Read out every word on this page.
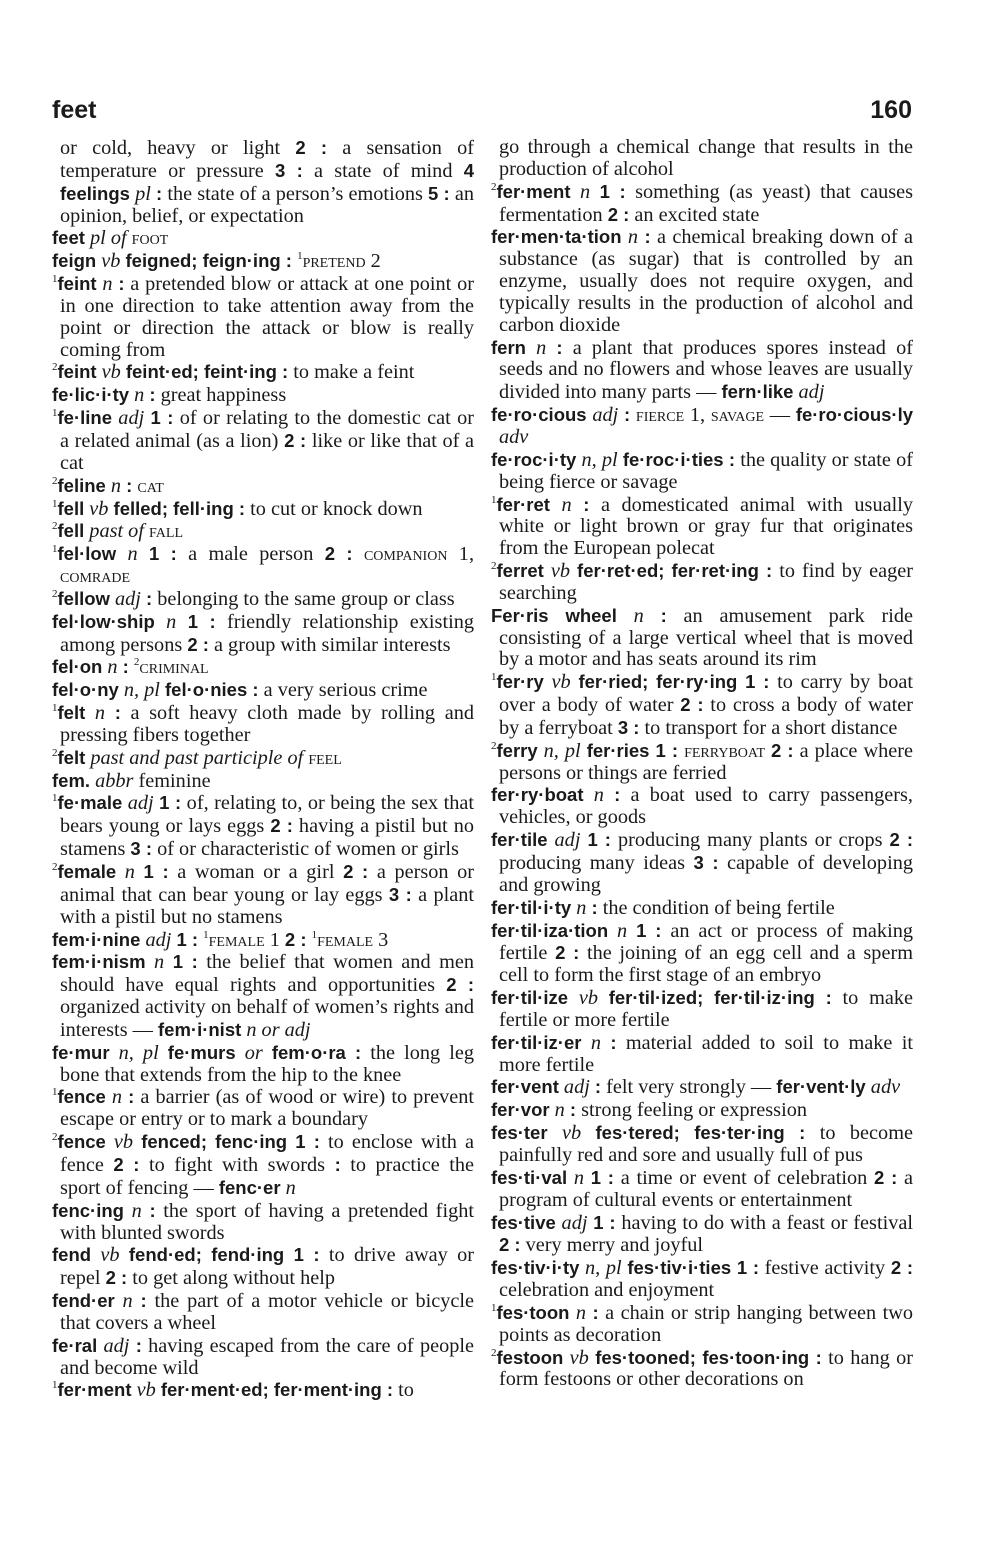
feet	160

or cold, heavy or light 2 : a sensation of temperature or pressure 3 : a state of mind 4 feelings pl : the state of a person’s emotions 5 : an opinion, belief, or expectation

feet pl of foot

feign vb feigned; feign·ing : $^1$pretend 2

$^1$feint n : a pretended blow or attack at one point or in one direction to take attention away from the point or direction the attack or blow is really coming from

$^2$feint vb feint·ed; feint·ing : to make a feint

fe·lic·i·ty n : great happiness

$^1$fe·line adj 1 : of or relating to the domestic cat or a related animal (as a lion) 2 : like or like that of a cat

$^2$feline n : cat

$^1$fell vb felled; fell·ing : to cut or knock down

$^2$fell past of fall

$^1$fel·low n 1 : a male person 2 : companion 1, comrade

$^2$fellow adj : belonging to the same group or class

fel·low·ship n 1 : friendly relationship existing among persons 2 : a group with similar interests

fel·on n : $^2$criminal

fel·o·ny n, pl fel·o·nies : a very serious crime

$^1$felt n : a soft heavy cloth made by rolling and pressing fibers together

$^2$felt past and past participle of feel

fem. abbr feminine

$^1$fe·male adj 1 : of, relating to, or being the sex that bears young or lays eggs 2 : having a pistil but no stamens 3 : of or characteristic of women or girls

$^2$female n 1 : a woman or a girl 2 : a person or animal that can bear young or lay eggs 3 : a plant with a pistil but no stamens

fem·i·nine adj 1 : $^1$female 1 2 : $^1$female 3

fem·i·nism n 1 : the belief that women and men should have equal rights and opportunities 2 : organized activity on behalf of women’s rights and interests — fem·i·nist n or adj

fe·mur n, pl fe·murs or fem·o·ra : the long leg bone that extends from the hip to the knee

$^1$fence n : a barrier (as of wood or wire) to prevent escape or entry or to mark a boundary

$^2$fence vb fenced; fenc·ing 1 : to enclose with a fence 2 : to fight with swords : to practice the sport of fencing — fenc·er n

fenc·ing n : the sport of having a pretended fight with blunted swords

fend vb fend·ed; fend·ing 1 : to drive away or repel 2 : to get along without help

fend·er n : the part of a motor vehicle or bicycle that covers a wheel

fe·ral adj : having escaped from the care of people and become wild

$^1$fer·ment vb fer·ment·ed; fer·ment·ing : to

go through a chemical change that results in the production of alcohol

$^2$fer·ment n 1 : something (as yeast) that causes fermentation 2 : an excited state

fer·men·ta·tion n : a chemical breaking down of a substance (as sugar) that is controlled by an enzyme, usually does not require oxygen, and typically results in the production of alcohol and carbon dioxide

fern n : a plant that produces spores instead of seeds and no flowers and whose leaves are usually divided into many parts — fern·like adj

fe·ro·cious adj : fierce 1, savage — fe·ro·cious·ly adv

fe·roc·i·ty n, pl fe·roc·i·ties : the quality or state of being fierce or savage

$^1$fer·ret n : a domesticated animal with usually white or light brown or gray fur that originates from the European polecat

$^2$ferret vb fer·ret·ed; fer·ret·ing : to find by eager searching

Fer·ris wheel n : an amusement park ride consisting of a large vertical wheel that is moved by a motor and has seats around its rim

$^1$fer·ry vb fer·ried; fer·ry·ing 1 : to carry by boat over a body of water 2 : to cross a body of water by a ferryboat 3 : to transport for a short distance

$^2$ferry n, pl fer·ries 1 : ferryboat 2 : a place where persons or things are ferried

fer·ry·boat n : a boat used to carry passengers, vehicles, or goods

fer·tile adj 1 : producing many plants or crops 2 : producing many ideas 3 : capable of developing and growing

fer·til·i·ty n : the condition of being fertile

fer·til·iza·tion n 1 : an act or process of making fertile 2 : the joining of an egg cell and a sperm cell to form the first stage of an embryo

fer·til·ize vb fer·til·ized; fer·til·iz·ing : to make fertile or more fertile

fer·til·iz·er n : material added to soil to make it more fertile

fer·vent adj : felt very strongly — fer·vent·ly adv

fer·vor n : strong feeling or expression

fes·ter vb fes·tered; fes·ter·ing : to become painfully red and sore and usually full of pus

fes·ti·val n 1 : a time or event of celebration 2 : a program of cultural events or entertainment

fes·tive adj 1 : having to do with a feast or festival 2 : very merry and joyful

fes·tiv·i·ty n, pl fes·tiv·i·ties 1 : festive activity 2 : celebration and enjoyment

$^1$fes·toon n : a chain or strip hanging between two points as decoration

$^2$festoon vb fes·tooned; fes·toon·ing : to hang or form festoons or other decorations on
